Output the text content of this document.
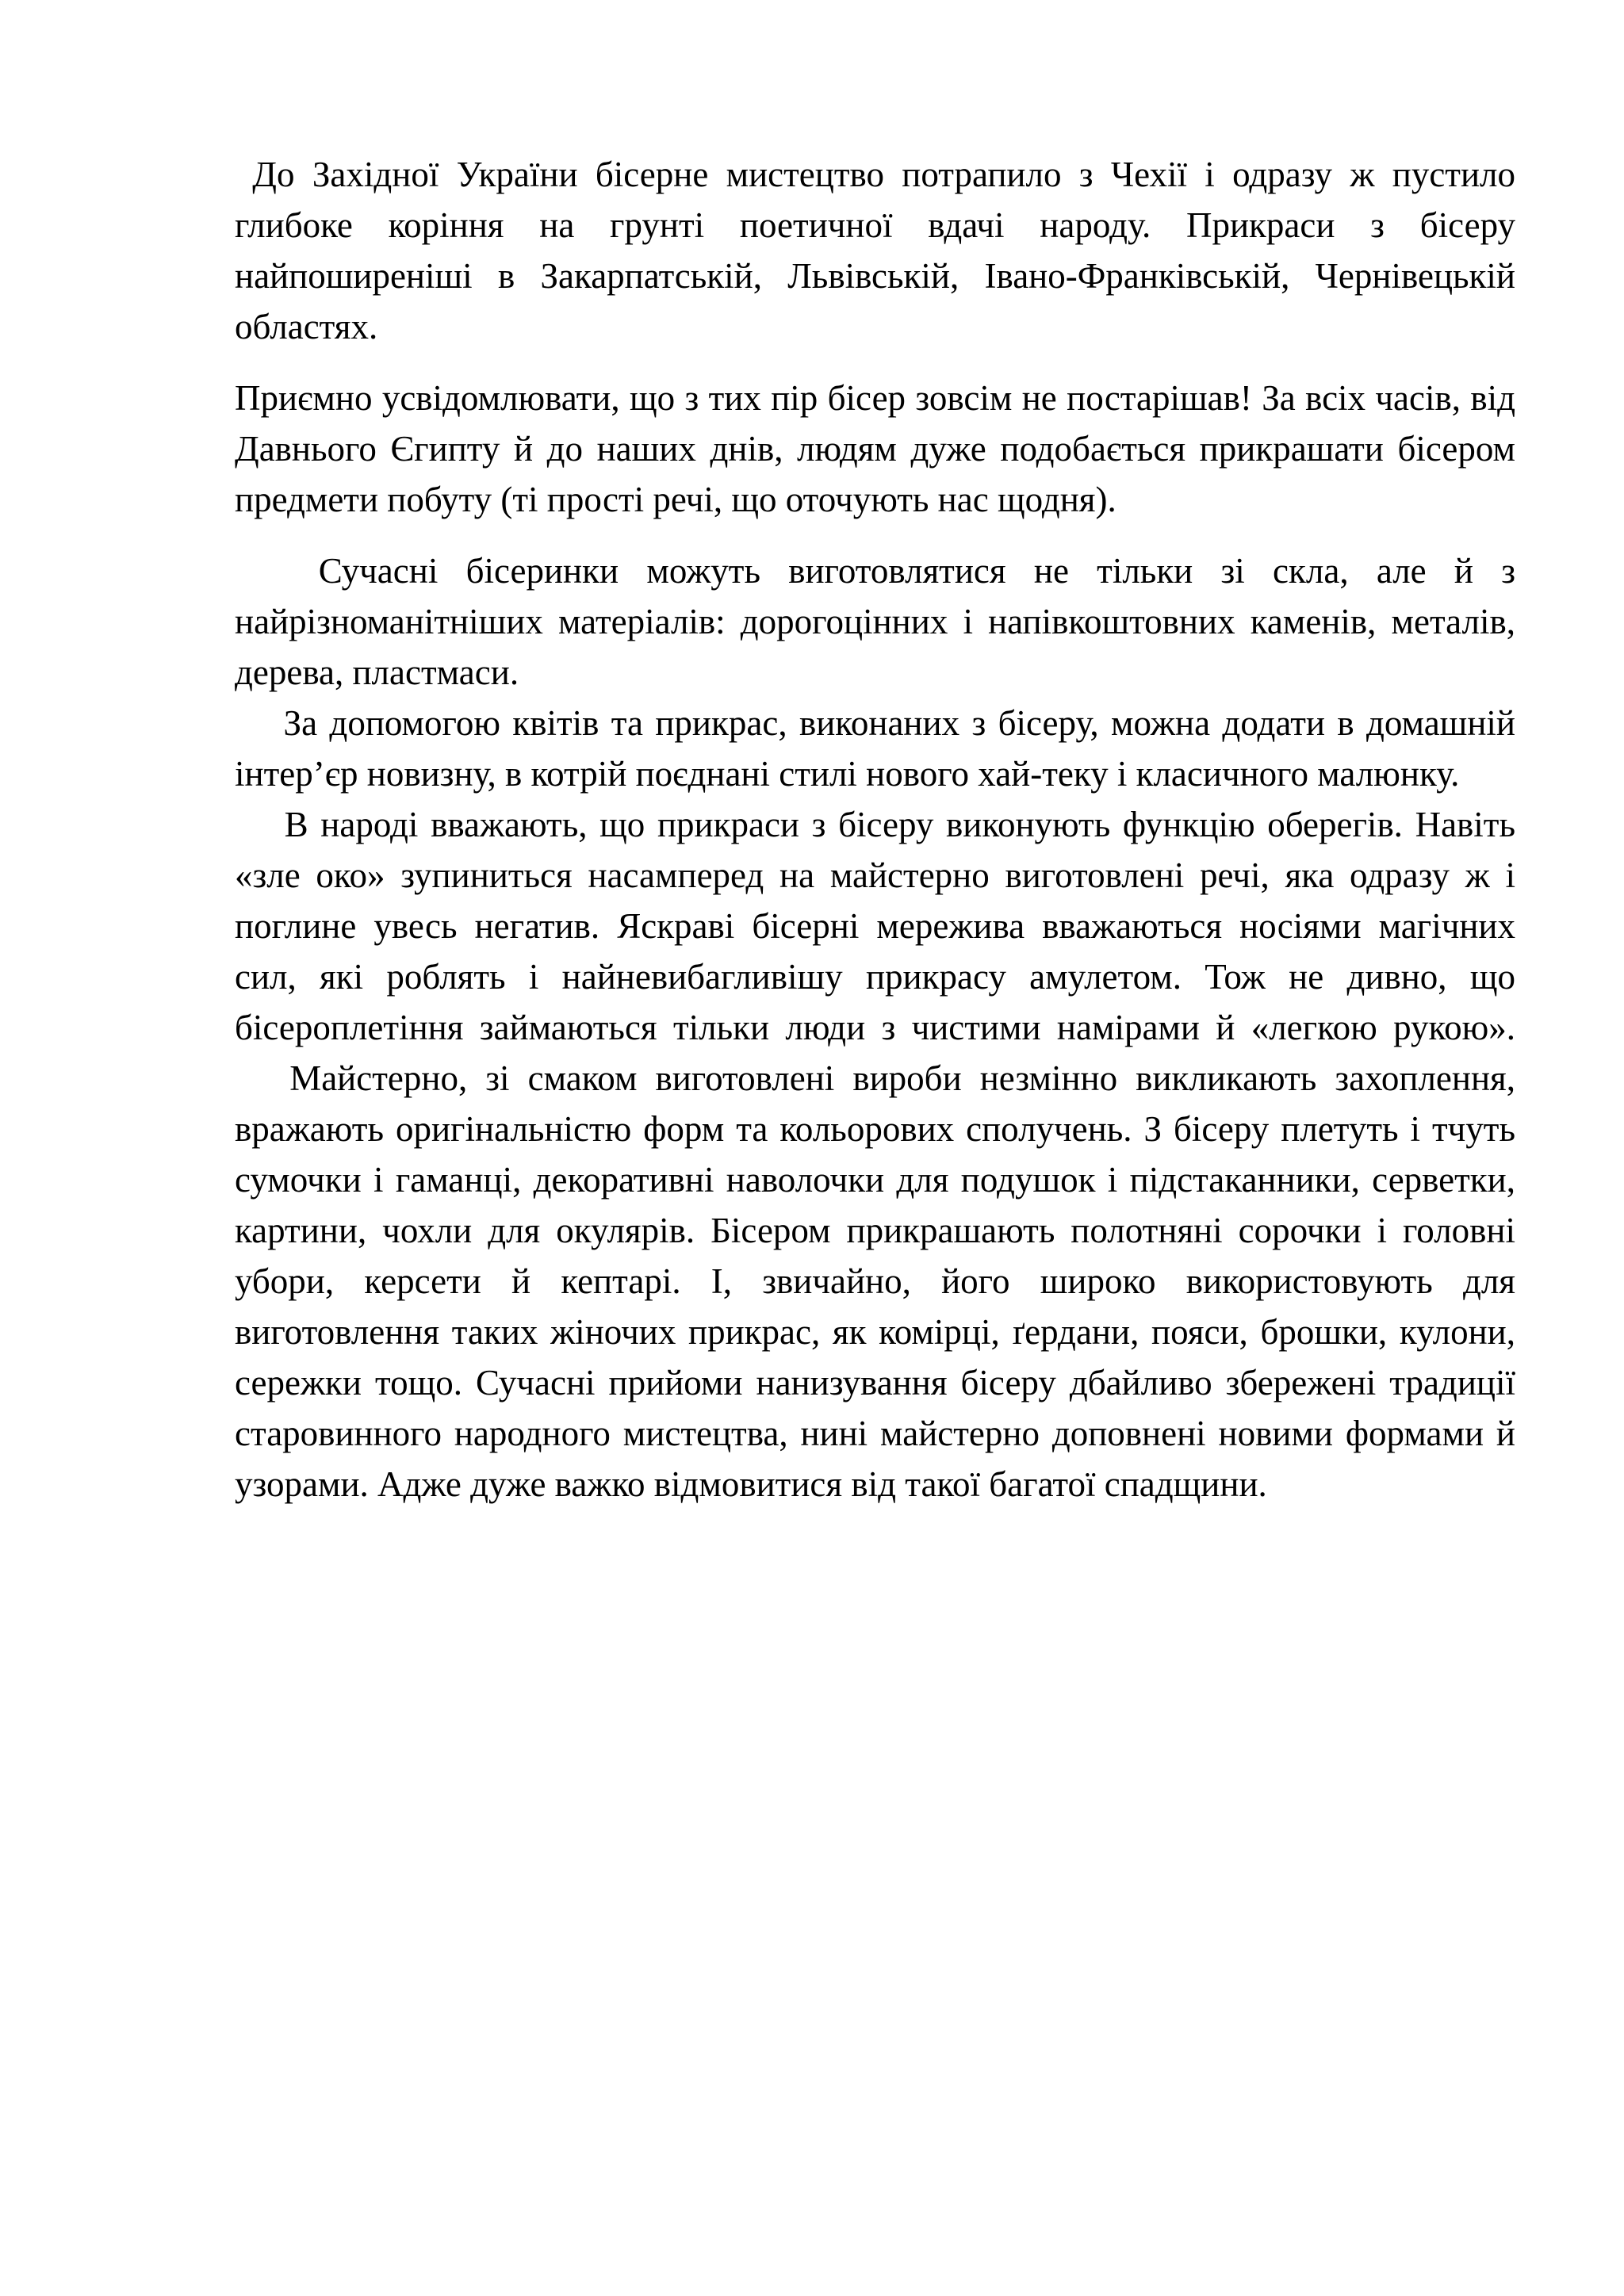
До Західної України бісерне мистецтво потрапило з Чехії і одразу ж пустило глибоке коріння на грунті поетичної вдачі народу. Прикраси з бісеру найпоширеніші в Закарпатській, Львівській, Івано-Франківській, Чернівецькій областях.

Приємно усвідомлювати, що з тих пір бісер зовсім не постарішав! За всіх часів, від Давнього Єгипту й до наших днів, людям дуже подобається прикрашати бісером предмети побуту (ті прості речі, що оточують нас щодня).

Сучасні бісеринки можуть виготовлятися не тільки зі скла, але й з найрізноманітніших матеріалів: дорогоцінних і напівкоштовних каменів, металів, дерева, пластмаси.

За допомогою квітів та прикрас, виконаних з бісеру, можна додати в домашній інтер’єр новизну, в котрій поєднані стилі нового хай-теку і класичного малюнку.

В народі вважають, що прикраси з бісеру виконують функцію оберегів. Навіть «зле око» зупиниться насамперед на майстерно виготовлені речі, яка одразу ж і поглине увесь негатив. Яскраві бісерні мережива вважаються носіями магічних сил, які роблять і найневибагливішу прикрасу амулетом. Тож не дивно, що бісероплетіння займаються тільки люди з чистими намірами й «легкою рукою».

Майстерно, зі смаком виготовлені вироби незмінно викликають захоплення, вражають оригінальністю форм та кольорових сполучень. З бісеру плетуть і тчуть сумочки і гаманці, декоративні наволочки для подушок і підстаканники, серветки, картини, чохли для окулярів. Бісером прикрашають полотняні сорочки і головні убори, керсети й кептарі. І, звичайно, його широко використовують для виготовлення таких жіночих прикрас, як комірці, ґердани, пояси, брошки, кулони, сережки тощо. Сучасні прийоми нанизування бісеру дбайливо збережені традиції старовинного народного мистецтва, нині майстерно доповнені новими формами й узорами. Адже дуже важко відмовитися від такої багатої спадщини.
